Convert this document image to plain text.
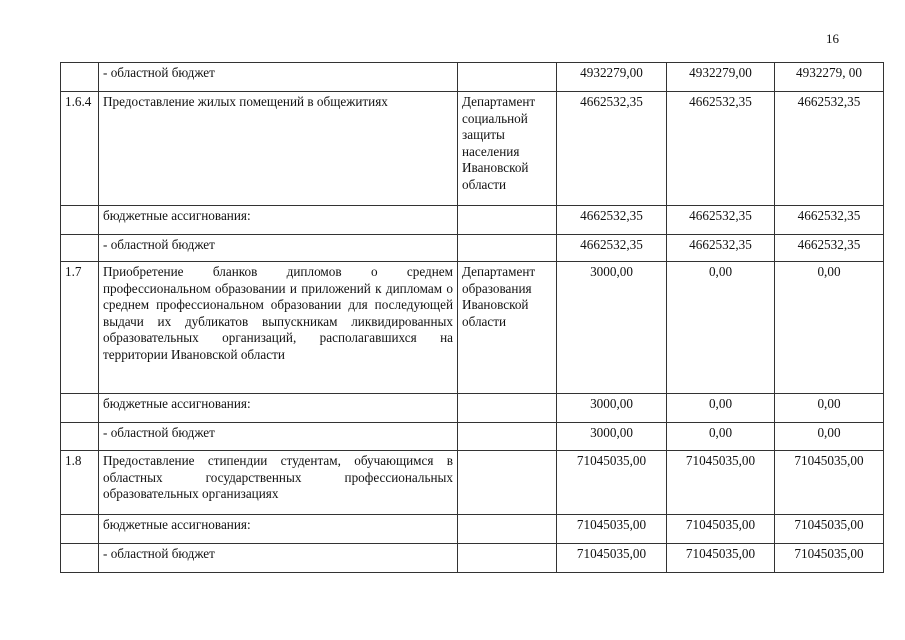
16
	- областной бюджет		4932279,00	4932279,00	4932279, 00
1.6.4	Предоставление жилых помещений в общежитиях	Департамент социальной защиты населения Ивановской области	4662532,35	4662532,35	4662532,35
	бюджетные ассигнования:		4662532,35	4662532,35	4662532,35
	- областной бюджет		4662532,35	4662532,35	4662532,35
1.7	Приобретение бланков дипломов о среднем профессиональном образовании и приложений к дипломам о среднем профессиональном образовании для последующей выдачи их дубликатов выпускникам ликвидированных образовательных организаций, располагавшихся на территории Ивановской области	Департамент образования Ивановской области	3000,00	0,00	0,00
	бюджетные ассигнования:		3000,00	0,00	0,00
	- областной бюджет		3000,00	0,00	0,00
1.8	Предоставление стипендии студентам, обучающимся в областных государственных профессиональных образовательных организациях		71045035,00	71045035,00	71045035,00
	бюджетные ассигнования:		71045035,00	71045035,00	71045035,00
	- областной бюджет		71045035,00	71045035,00	71045035,00
